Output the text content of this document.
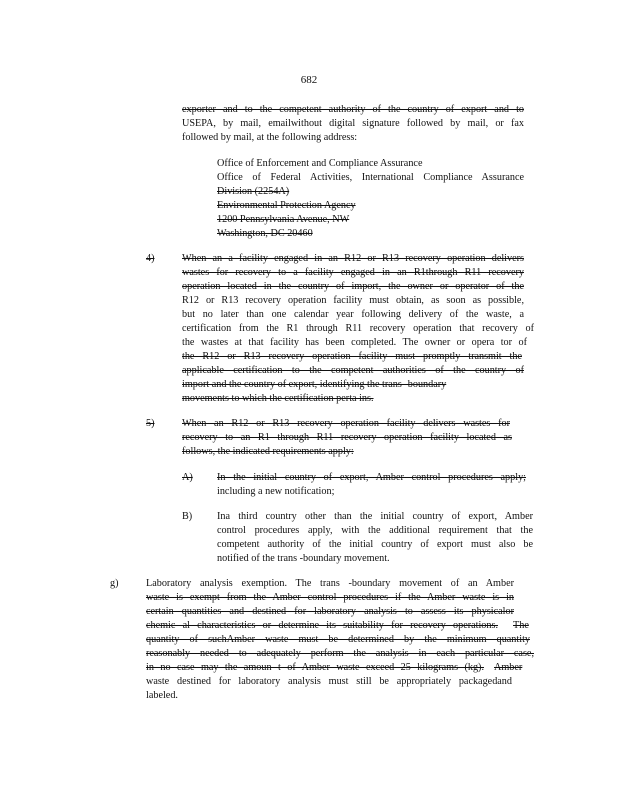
682
exporter and to the competent authority of the country of export and to
USEPA, by mail, emailwithout digital signature followed by mail, or fax
followed by mail, at the following address:
Office of Enforcement and Compliance Assurance
Office of Federal Activities, International Compliance Assurance
Division (2254A)
Environmental Protection Agency
1200 Pennsylvania Avenue, NW
Washington, DC 20460
4)	When an a facility engaged in an R12 or R13 recovery operation delivers
wastes for recovery to a facility engaged in an R1through R11 recovery
operation located in the country of import, the owner or operator of the
R12 or R13 recovery operation facility must obtain, as soon as possible,
but no later than one calendar year following delivery of the waste, a
certification from the R1 through R11 recovery operation that recovery of
the wastes at that facility has been completed. The owner or opera tor of
the R12 or R13 recovery operation facility must promptly transmit the
applicable certification to the competent authorities of the country of
import and the country of export, identifying the trans -boundary
movements to which the certification perta ins.
5)	When an R12 or R13 recovery operation facility delivers wastes for
recovery to an R1 through R11 recovery operation facility located as
follows, the indicated requirements apply:
A) In the initial country of export, Amber control procedures apply;
including a new notification;
B) Ina third country other than the initial country of export, Amber
control procedures apply, with the additional requirement that the
competent authority of the initial country of export must also be
notified of the trans -boundary movement.
g)	Laboratory analysis exemption. The trans -boundary movement of an Amber
waste is exempt from the Amber control procedures if the Amber waste is in
certain quantities and destined for laboratory analysis to assess its physicalor
chemic al characteristics or determine its suitability for recovery operations. The
quantity of suchAmber waste must be determined by the minimum quantity
reasonably needed to adequately perform the analysis in each particular case,
in no case may the amoun t of Amber waste exceed 25 kilograms (kg). Amber
waste destined for laboratory analysis must still be appropriately packagedand
labeled.
